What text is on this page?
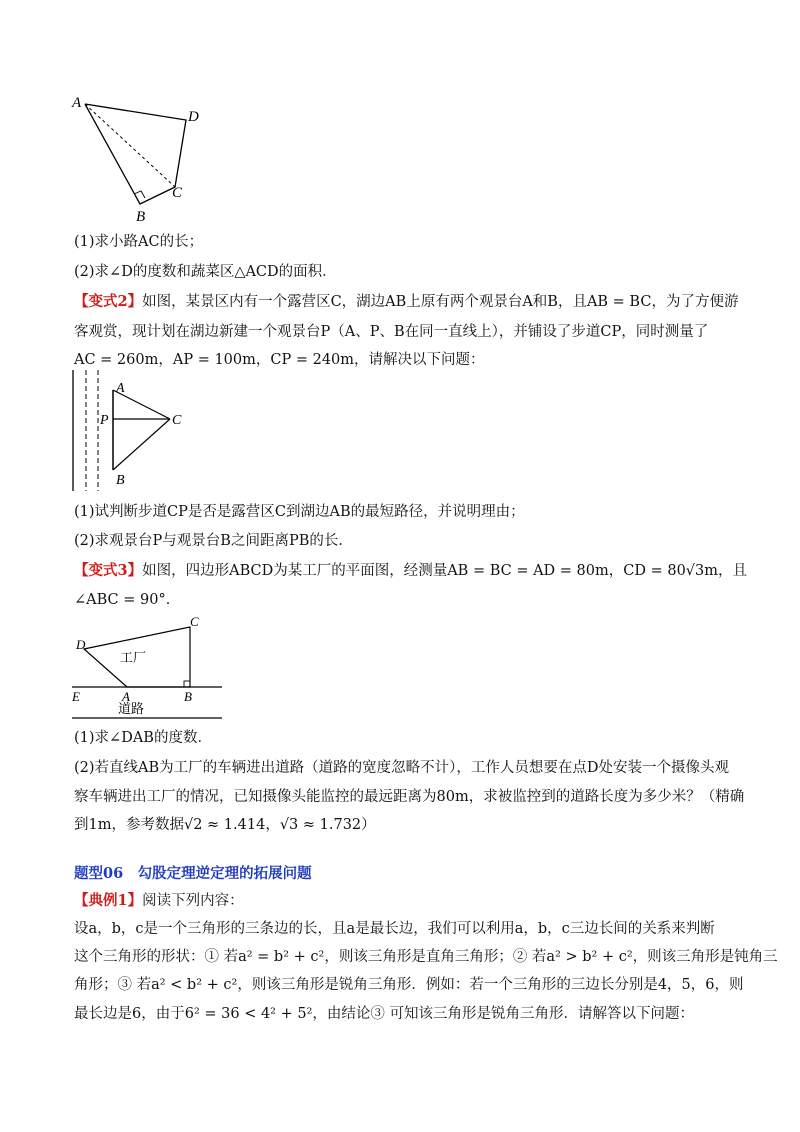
A
D
C
B
(1)求小路AC的长；
(2)求∠D的度数和蔬菜区△ACD的面积．
【变式2】如图，某景区内有一个露营区C，湖边AB上原有两个观景台A和B，且AB = BC，为了方便游
客观赏，现计划在湖边新建一个观景台P（A、P、B在同一直线上），并铺设了步道CP，同时测量了
AC = 260m，AP = 100m，CP = 240m，请解决以下问题：
A
P	C
B
(1)试判断步道CP是否是露营区C到湖边AB的最短路径，并说明理由；
(2)求观景台P与观景台B之间距离PB的长．
【变式3】如图，四边形ABCD为某工厂的平面图，经测量AB = BC = AD = 80m，CD = 80√3m，且
∠ABC = 90°．
D
C
工厂
E	A	B
道路
(1)求∠DAB的度数．
(2)若直线AB为工厂的车辆进出道路（道路的宽度忽略不计），工作人员想要在点D处安装一个摄像头观
察车辆进出工厂的情况，已知摄像头能监控的最远距离为80m，求被监控到的道路长度为多少米？（精确
到1m，参考数据√2 ≈ 1.414，√3 ≈ 1.732）
题型06　勾股定理逆定理的拓展问题
【典例1】阅读下列内容：
设a，b，c是一个三角形的三条边的长，且a是最长边，我们可以利用a，b，c三边长间的关系来判断
这个三角形的形状：① 若a² = b² + c²，则该三角形是直角三角形；② 若a² > b² + c²，则该三角形是钝角三
角形；③ 若a² < b² + c²，则该三角形是锐角三角形．例如：若一个三角形的三边长分别是4，5，6，则
最长边是6，由于6² = 36 < 4² + 5²，由结论③ 可知该三角形是锐角三角形．请解答以下问题：
